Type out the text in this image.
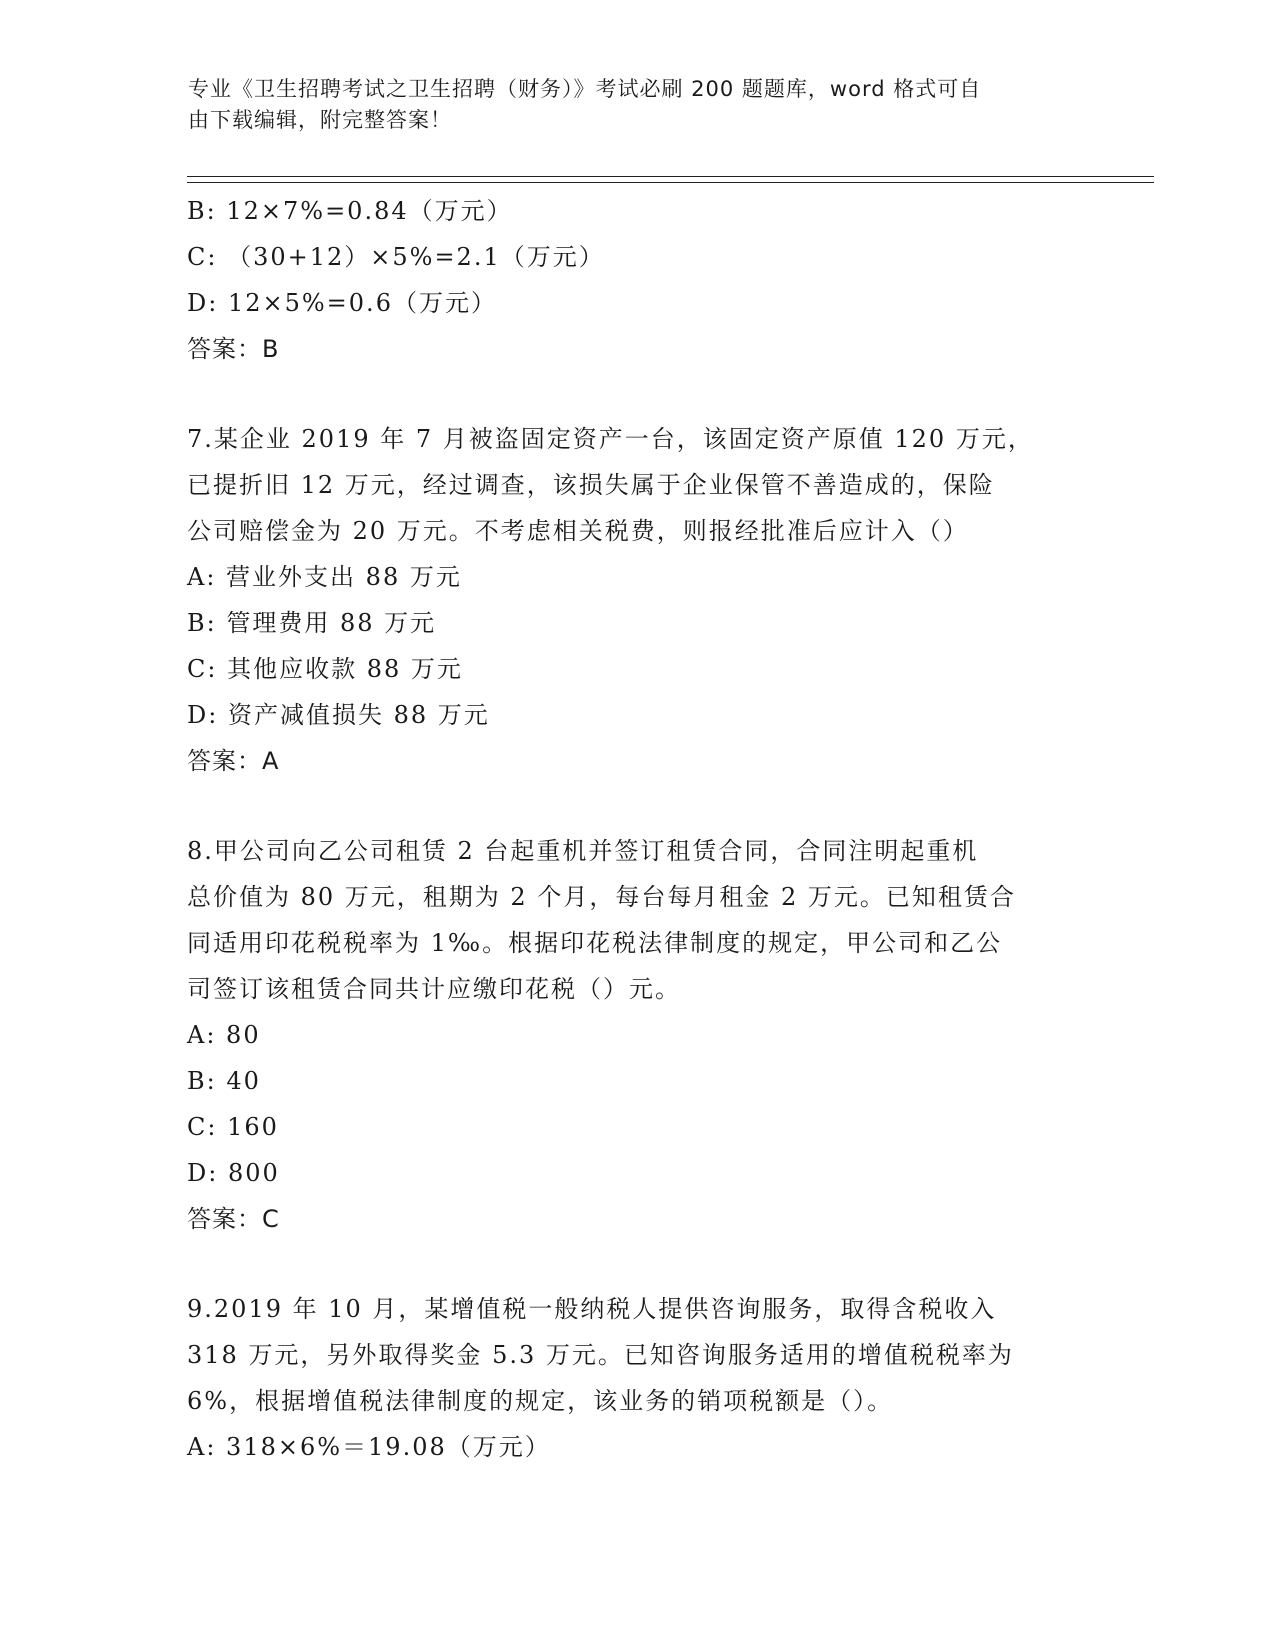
专业《卫生招聘考试之卫生招聘（财务）》考试必刷 200 题题库，word 格式可自
由下载编辑，附完整答案！
B: 12×7%=0.84（万元）
C: （30+12）×5%=2.1（万元）
D: 12×5%=0.6（万元）
答案：B
7.某企业 2019 年 7 月被盗固定资产一台，该固定资产原值 120 万元，
已提折旧 12 万元，经过调查，该损失属于企业保管不善造成的，保险
公司赔偿金为 20 万元。不考虑相关税费，则报经批准后应计入（）
A: 营业外支出 88 万元
B: 管理费用 88 万元
C: 其他应收款 88 万元
D: 资产减值损失 88 万元
答案：A
8.甲公司向乙公司租赁 2 台起重机并签订租赁合同，合同注明起重机
总价值为 80 万元，租期为 2 个月，每台每月租金 2 万元。已知租赁合
同适用印花税税率为 1‰。根据印花税法律制度的规定，甲公司和乙公
司签订该租赁合同共计应缴印花税（）元。
A: 80
B: 40
C: 160
D: 800
答案：C
9.2019 年 10 月，某增值税一般纳税人提供咨询服务，取得含税收入
318 万元，另外取得奖金 5.3 万元。已知咨询服务适用的增值税税率为
6%，根据增值税法律制度的规定，该业务的销项税额是（）。
A: 318×6%＝19.08（万元）
